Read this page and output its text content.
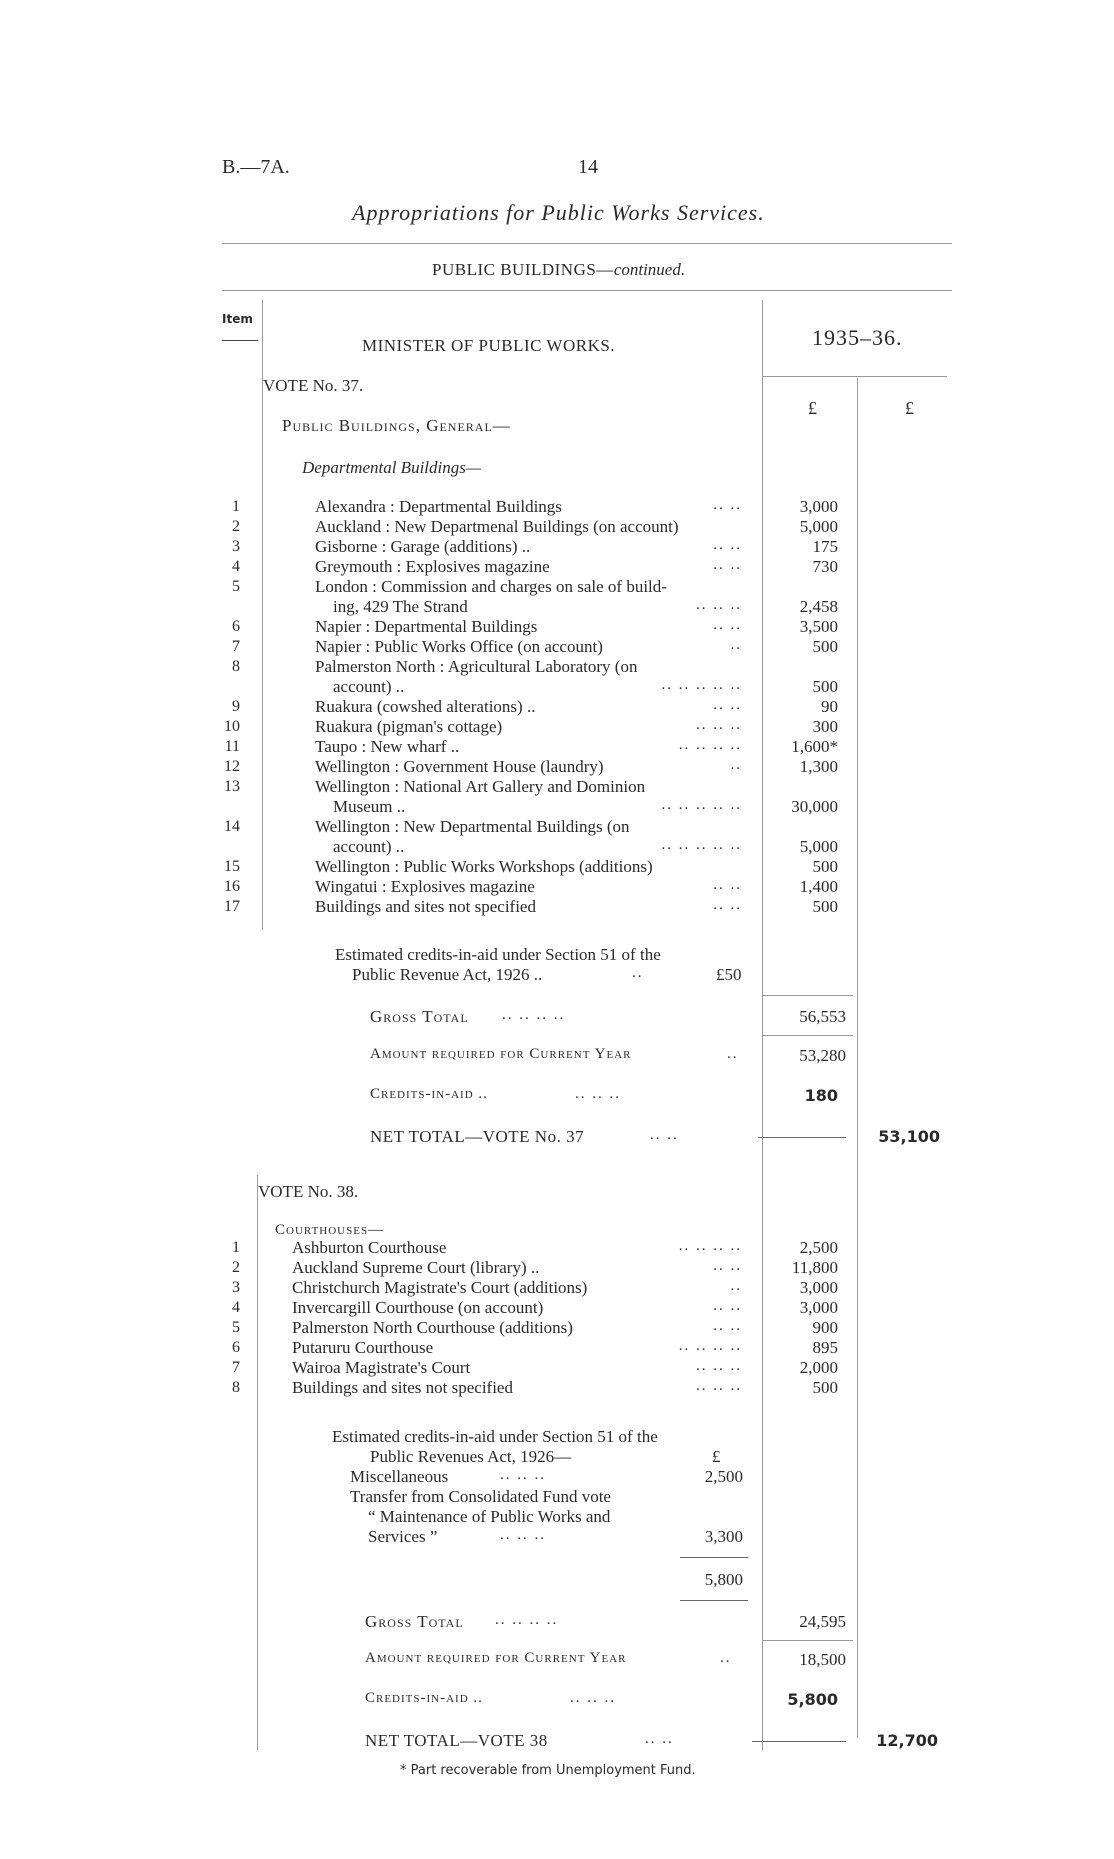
B.—7A.	14
Appropriations for Public Works Services.
PUBLIC BUILDINGS—continued.
Item
MINISTER OF PUBLIC WORKS.	1935–36.
£	£
VOTE No. 37.
Public Buildings, General—
Departmental Buildings—
1	Alexandra : Departmental Buildings	.. ..	3,000
2	Auckland : New Departmenal Buildings (on account)	5,000
3	Gisborne : Garage (additions) ..	.. ..	175
4	Greymouth : Explosives magazine	.. ..	730
5	London : Commission and charges on sale of build-
ing, 429 The Strand	.. .. ..	2,458
6	Napier : Departmental Buildings	.. ..	3,500
7	Napier : Public Works Office (on account)	..	500
8	Palmerston North : Agricultural Laboratory (on
account) ..	.. .. .. .. ..	500
9	Ruakura (cowshed alterations) ..	.. ..	90
10	Ruakura (pigman's cottage)	.. .. ..	300
11	Taupo : New wharf ..	.. .. .. ..	1,600*
12	Wellington : Government House (laundry)	..	1,300
13	Wellington : National Art Gallery and Dominion
Museum ..	.. .. .. .. ..	30,000
14	Wellington : New Departmental Buildings (on
account) ..	.. .. .. .. ..	5,000
15	Wellington : Public Works Workshops (additions)	500
16	Wingatui : Explosives magazine	.. ..	1,400
17	Buildings and sites not specified	.. ..	500
Estimated credits-in-aid under Section 51 of the
Public Revenue Act, 1926 ..	..	£50
Gross Total .. .. .. ..	56,553
Amount required for Current Year	..	53,280
Credits-in-aid ..	.. .. ..	180
NET TOTAL—VOTE No. 37	.. ..	53,100
VOTE No. 38.
Courthouses—
1	Ashburton Courthouse	.. .. .. ..	2,500
2	Auckland Supreme Court (library) ..	.. ..	11,800
3	Christchurch Magistrate's Court (additions)	..	3,000
4	Invercargill Courthouse (on account)	.. ..	3,000
5	Palmerston North Courthouse (additions)	.. ..	900
6	Putaruru Courthouse	.. .. .. ..	895
7	Wairoa Magistrate's Court	.. .. ..	2,000
8	Buildings and sites not specified	.. .. ..	500
Estimated credits-in-aid under Section 51 of the
Public Revenues Act, 1926—	£
Miscellaneous	.. .. ..	2,500
Transfer from Consolidated Fund vote
“ Maintenance of Public Works and
Services ”	.. .. ..	3,300
5,800
Gross Total .. .. .. ..	24,595
Amount required for Current Year	..	18,500
Credits-in-aid ..	.. .. ..	5,800
NET TOTAL—VOTE 38	.. ..	12,700
* Part recoverable from Unemployment Fund.
